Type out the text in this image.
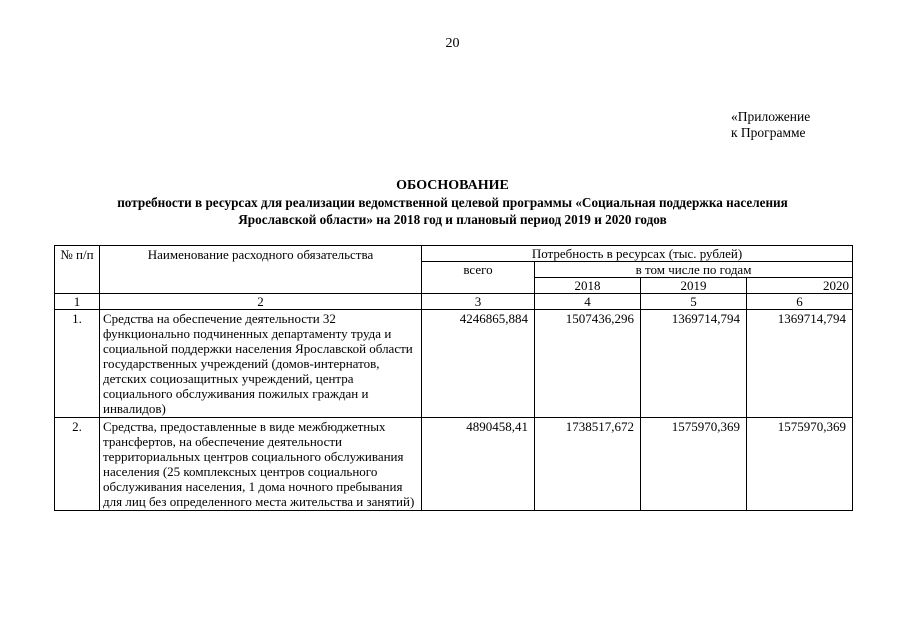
20
«Приложение
к Программе
ОБОСНОВАНИЕ
потребности в ресурсах для реализации ведомственной целевой программы «Социальная поддержка населения
Ярославской области» на 2018 год и плановый период 2019 и 2020 годов
№ п/п	Наименование расходного обязательства	Потребность в ресурсах (тыс. рублей)			
		всего	в том числе по годам		
			2018	2019	2020
1	2	3	4	5	6
1.	Средства на обеспечение деятельности 32 функционально подчиненных департаменту труда и социальной поддержки населения Ярославской области государственных учреждений (домов-интернатов, детских социозащитных учреждений, центра социального обслуживания пожилых граждан и инвалидов)	4246865,884	1507436,296	1369714,794	1369714,794
2.	Средства, предоставленные в виде межбюджетных трансфертов, на обеспечение деятельности территориальных центров социального обслуживания населения (25 комплексных центров социального обслуживания населения, 1 дома ночного пребывания для лиц без определенного места жительства и занятий)	4890458,41	1738517,672	1575970,369	1575970,369
